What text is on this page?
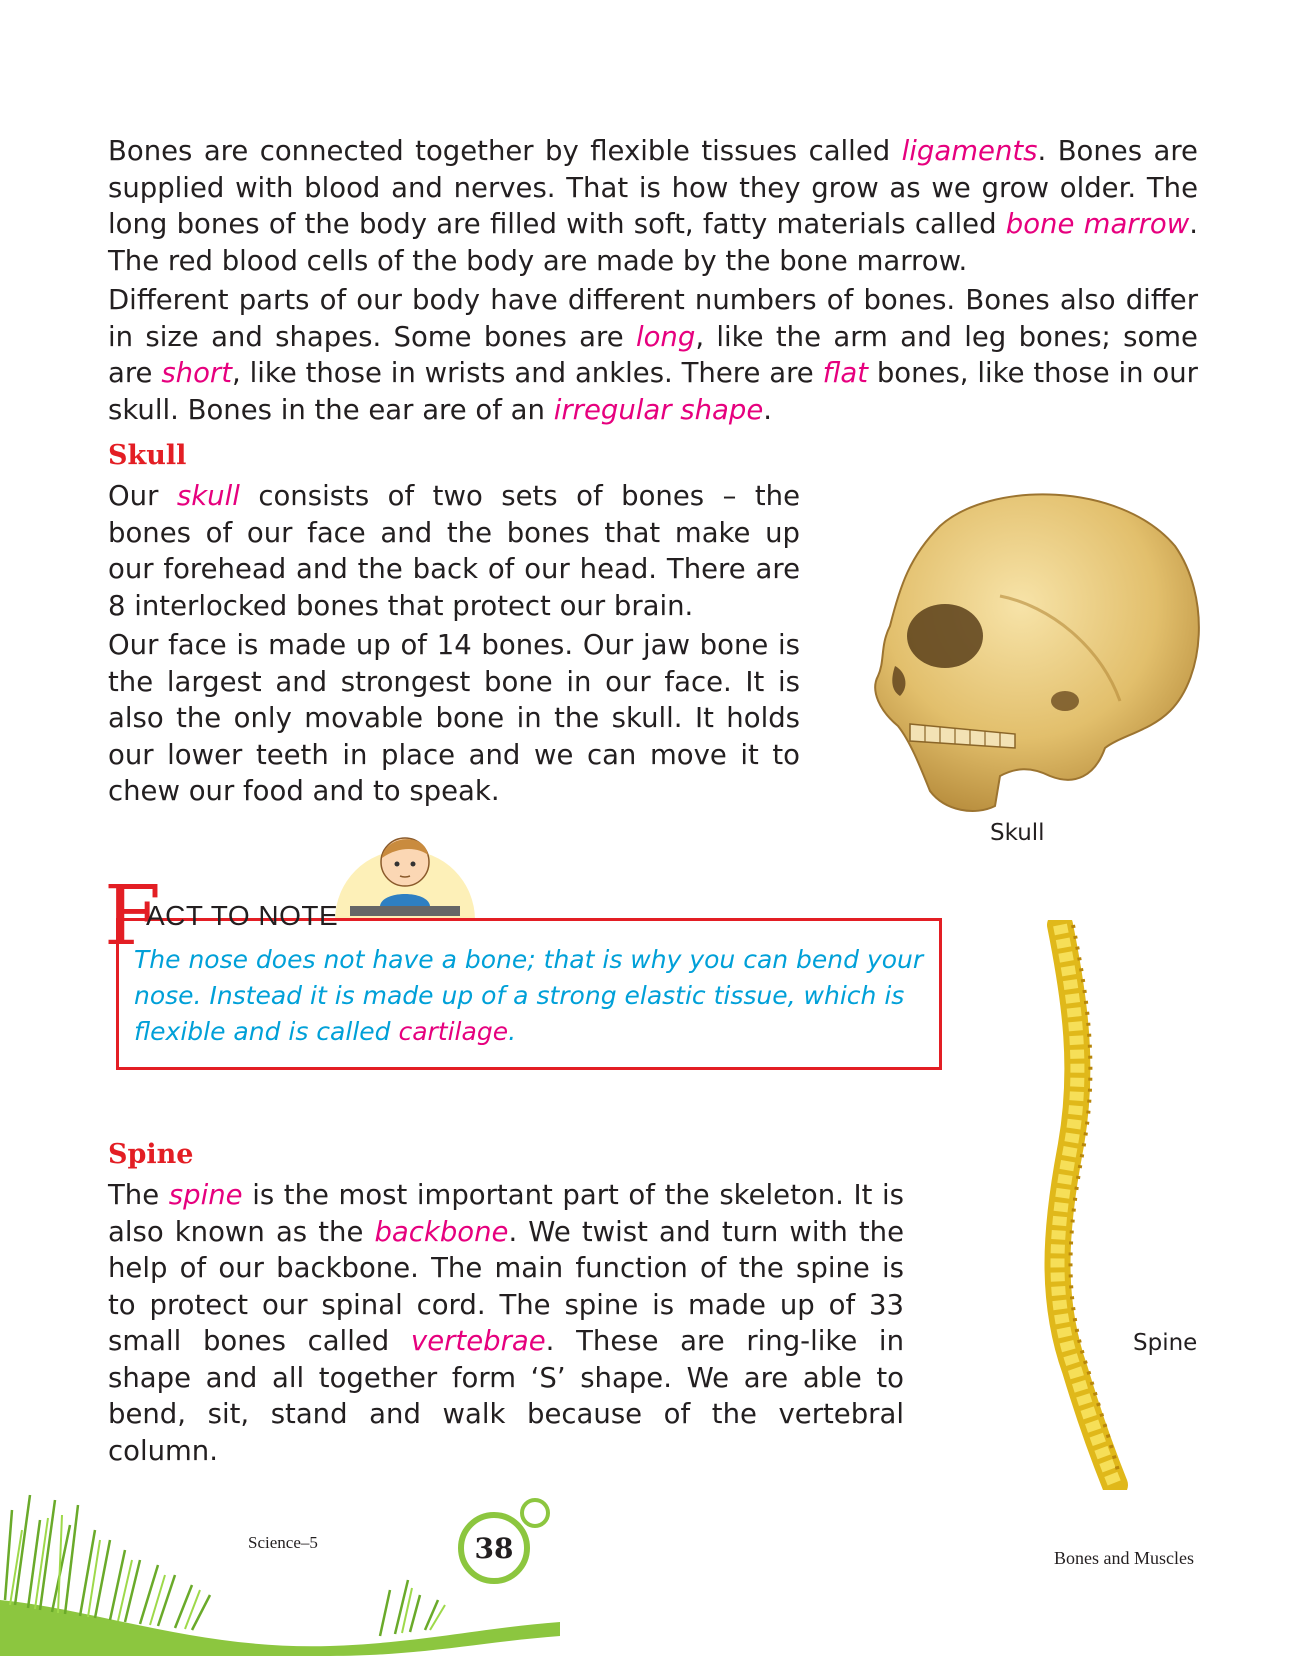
Bones are connected together by flexible tissues called ligaments. Bones are supplied with blood and nerves. That is how they grow as we grow older. The long bones of the body are filled with soft, fatty materials called bone marrow. The red blood cells of the body are made by the bone marrow.

Different parts of our body have different numbers of bones. Bones also differ in size and shapes. Some bones are long, like the arm and leg bones; some are short, like those in wrists and ankles. There are flat bones, like those in our skull. Bones in the ear are of an irregular shape.

Skull

Our skull consists of two sets of bones – the bones of our face and the bones that make up our forehead and the back of our head. There are 8 interlocked bones that protect our brain.

Our face is made up of 14 bones. Our jaw bone is the largest and strongest bone in our face. It is also the only movable bone in the skull. It holds our lower teeth in place and we can move it to chew our food and to speak.

Skull
F
ACT TO NOTE

The nose does not have a bone; that is why you can bend your nose. Instead it is made up of a strong elastic tissue, which is flexible and is called cartilage.

Spine

The spine is the most important part of the skeleton. It is also known as the backbone. We twist and turn with the help of our backbone. The main function of the spine is to protect our spinal cord. The spine is made up of 33 small bones called vertebrae. These are ring-like in shape and all together form ‘S’ shape. We are able to bend, sit, stand and walk because of the vertebral column.

Spine
Science–5	38	Bones and Muscles
